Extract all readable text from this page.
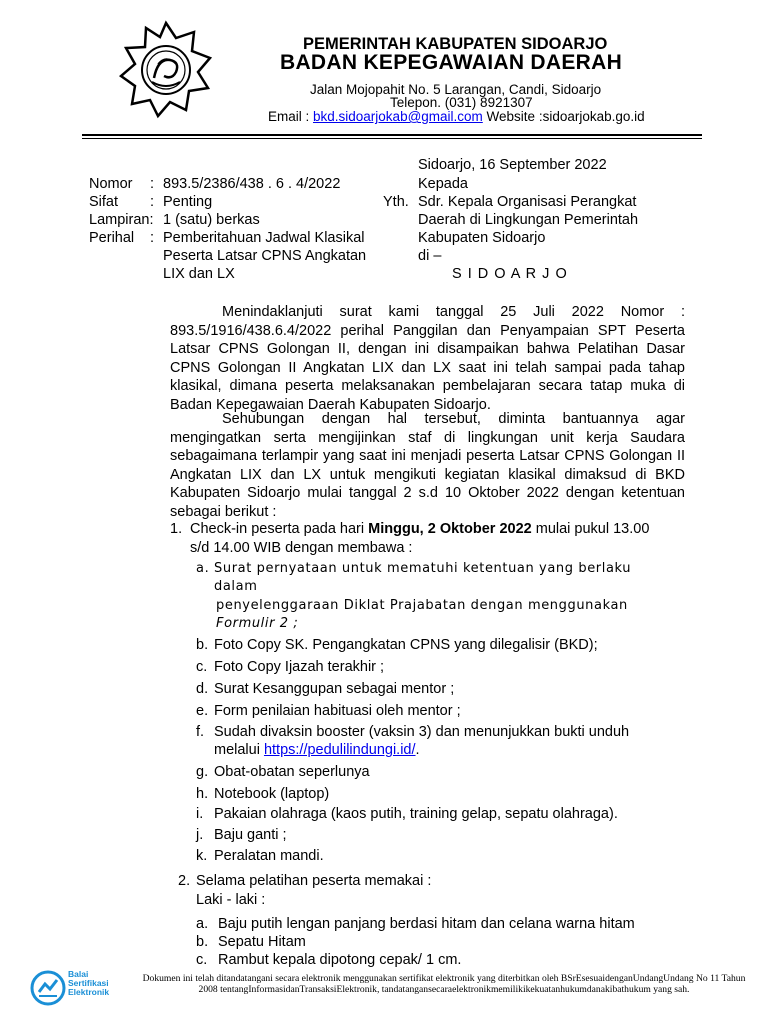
PEMERINTAH KABUPATEN SIDOARJO
BADAN KEPEGAWAIAN DAERAH
Jalan Mojopahit No. 5 Larangan, Candi, Sidoarjo
Telepon. (031) 8921307
Email : bkd.sidoarjokab@gmail.com Website :sidoarjokab.go.id
Sidoarjo, 16 September 2022
Nomor : 893.5/2386/438 . 6 . 4/2022
Sifat : Penting
Lampiran: 1 (satu) berkas
Perihal : Pemberitahuan Jadwal Klasikal
Peserta Latsar CPNS Angkatan
LIX dan LX
Kepada
Yth. Sdr. Kepala Organisasi Perangkat
Daerah di Lingkungan Pemerintah
Kabupaten Sidoarjo
di –
S I D O A R J O

Menindaklanjuti surat kami tanggal 25 Juli 2022 Nomor : 893.5/1916/438.6.4/2022 perihal Panggilan dan Penyampaian SPT Peserta Latsar CPNS Golongan II, dengan ini disampaikan bahwa Pelatihan Dasar CPNS Golongan II Angkatan LIX dan LX saat ini telah sampai pada tahap klasikal, dimana peserta melaksanakan pembelajaran secara tatap muka di Badan Kepegawaian Daerah Kabupaten Sidoarjo.

Sehubungan dengan hal tersebut, diminta bantuannya agar mengingatkan serta mengijinkan staf di lingkungan unit kerja Saudara sebagaimana terlampir yang saat ini menjadi peserta Latsar CPNS Golongan II Angkatan LIX dan LX untuk mengikuti kegiatan klasikal dimaksud di BKD Kabupaten Sidoarjo mulai tanggal 2 s.d 10 Oktober 2022 dengan ketentuan sebagai berikut :

1. Check-in peserta pada hari Minggu, 2 Oktober 2022 mulai pukul 13.00
s/d 14.00 WIB dengan membawa :
a. Surat pernyataan untuk mematuhi ketentuan yang berlaku
dalam
penyelenggaraan Diklat Prajabatan dengan menggunakan
Formulir 2 ;
b. Foto Copy SK. Pengangkatan CPNS yang dilegalisir (BKD);
c. Foto Copy Ijazah terakhir ;
d. Surat Kesanggupan sebagai mentor ;
e. Form penilaian habituasi oleh mentor ;
f. Sudah divaksin booster (vaksin 3) dan menunjukkan bukti unduh
melalui https://pedulilindungi.id/.
g. Obat-obatan seperlunya
h. Notebook (laptop)
i. Pakaian olahraga (kaos putih, training gelap, sepatu olahraga).
j. Baju ganti ;
k. Peralatan mandi.
2. Selama pelatihan peserta memakai :
Laki - laki :
a. Baju putih lengan panjang berdasi hitam dan celana warna hitam
b. Sepatu Hitam
c. Rambut kepala dipotong cepak/ 1 cm.
Balai
Sertifikasi
Elektronik
Dokumen ini telah ditandatangani secara elektronik menggunakan sertifikat elektronik yang diterbitkan oleh BSrEsesuaidenganUndangUndang No 11 Tahun 2008 tentangInformasidanTransaksiElektronik, tandatangansecaraelektronikmemilikikekuatanhukumdanakibathukum yang sah.
